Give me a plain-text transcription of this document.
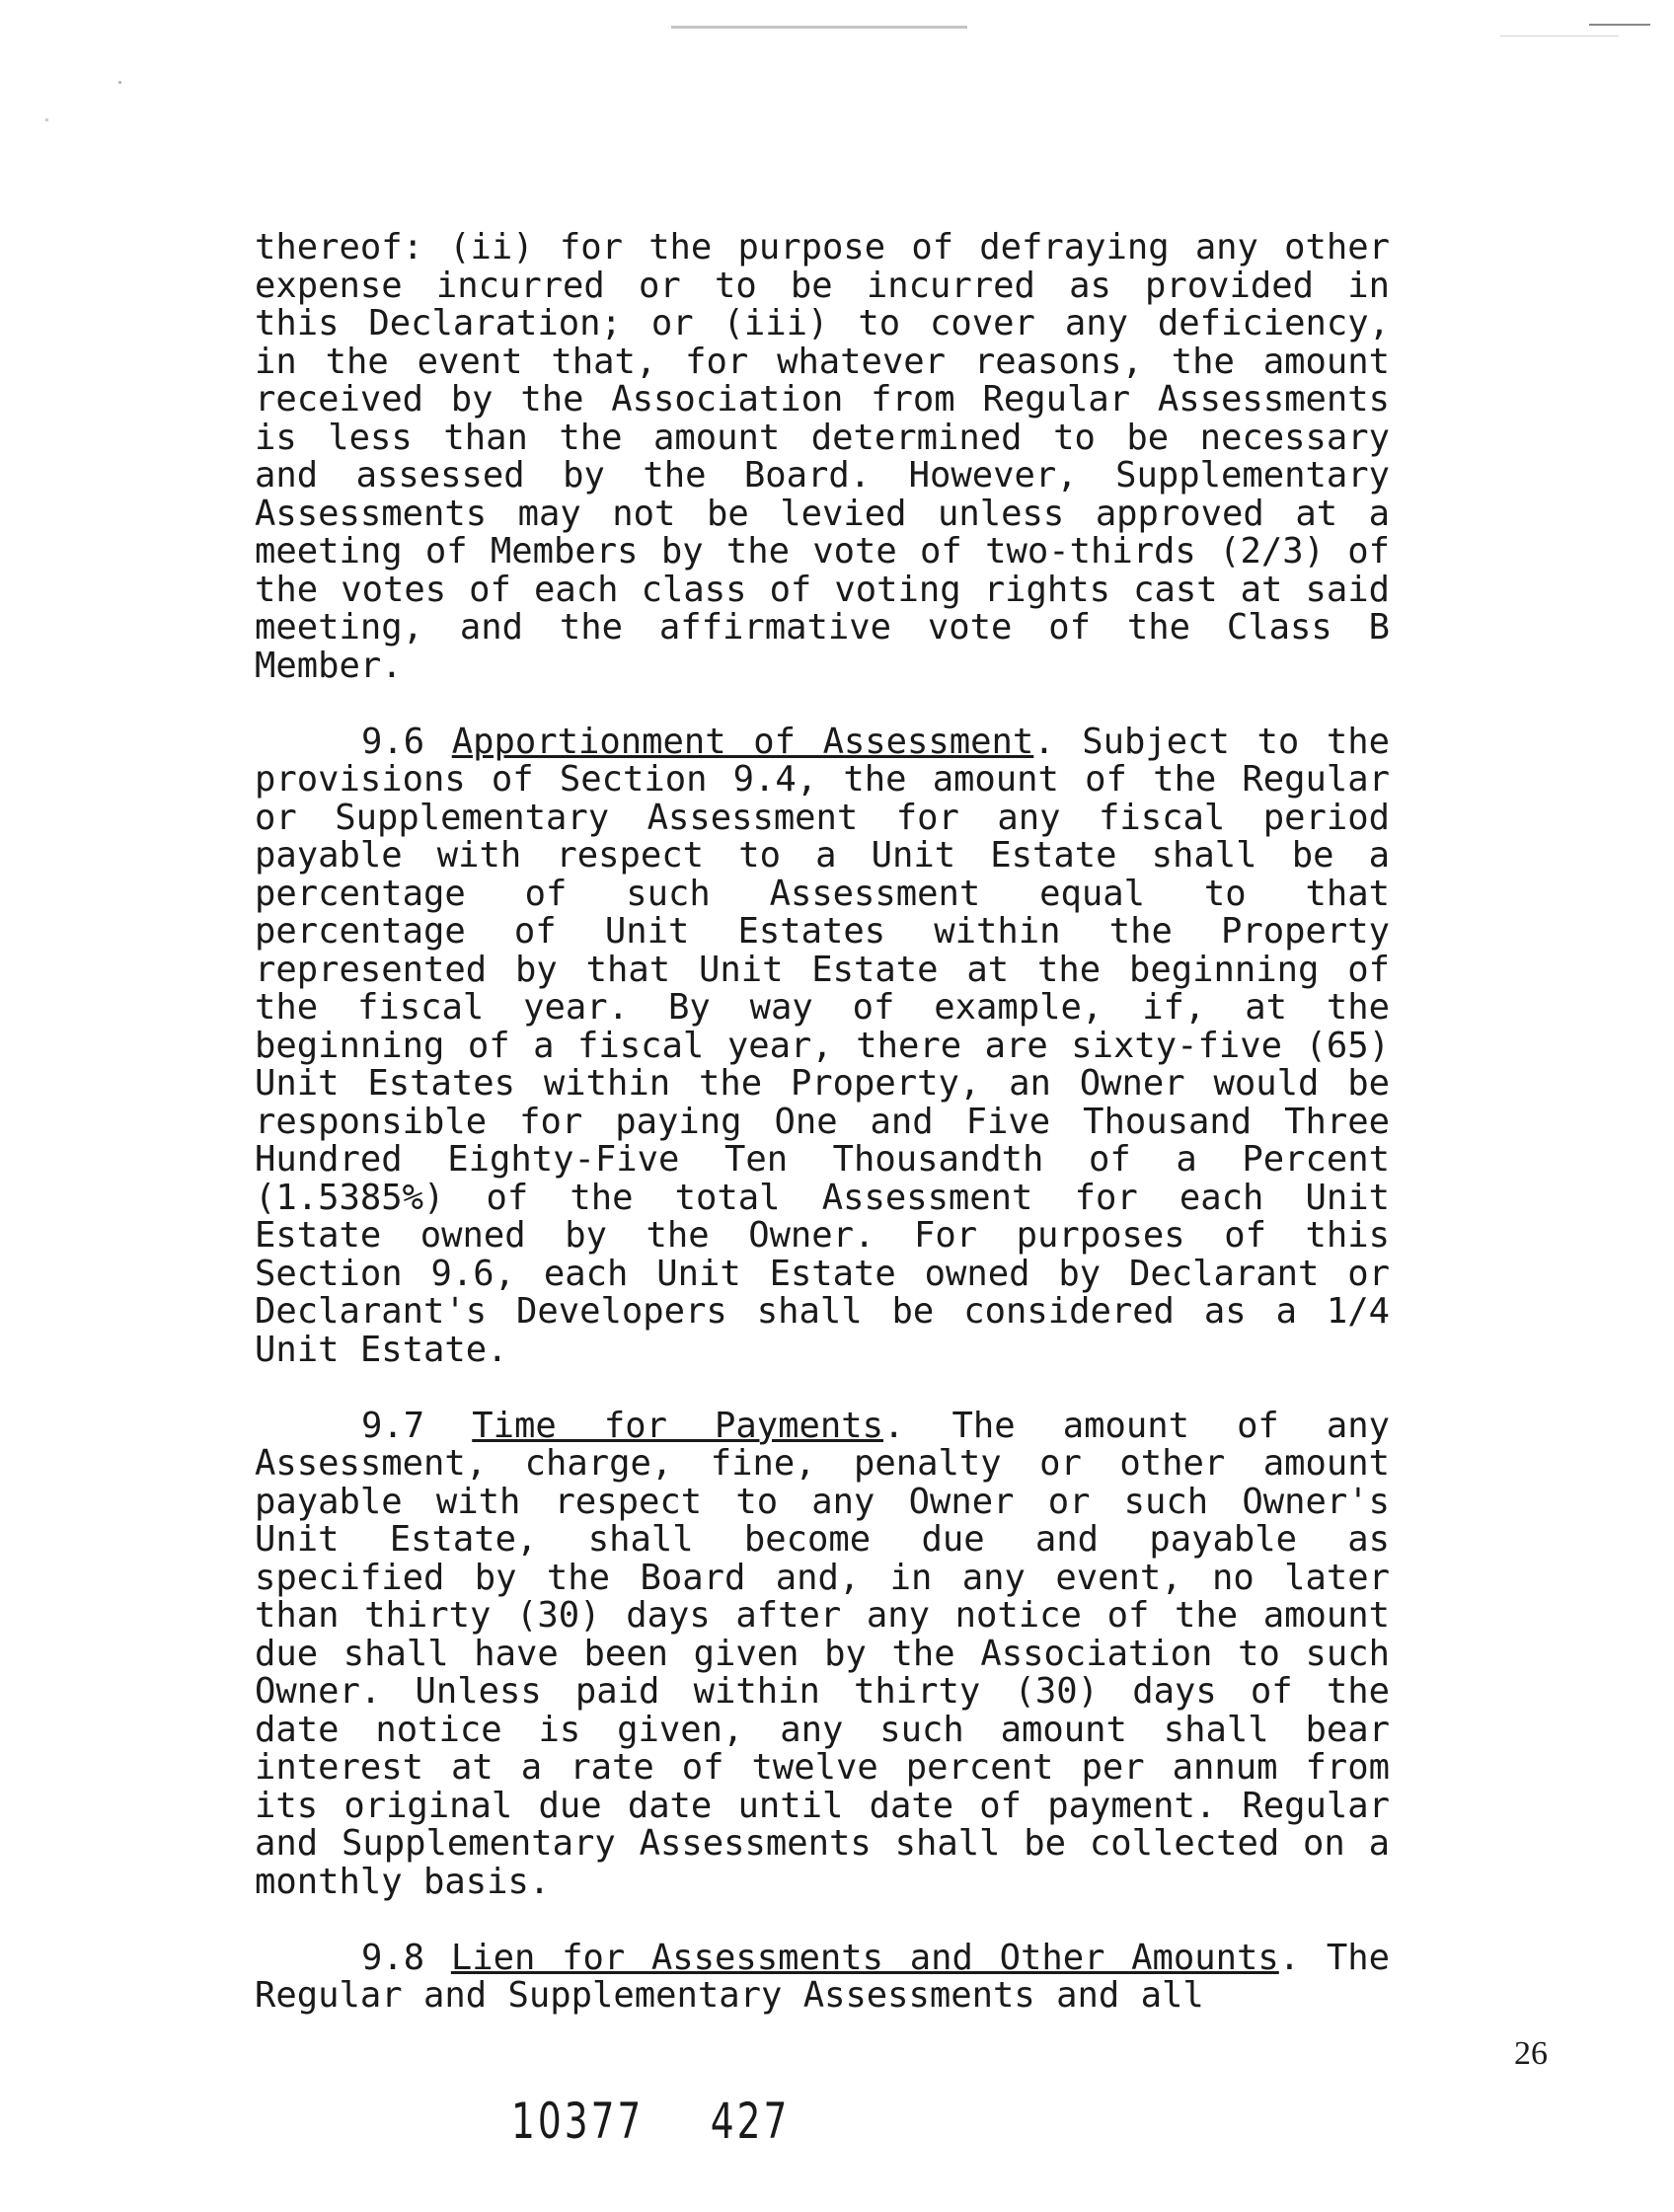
thereof: (ii) for the purpose of defraying any other expense incurred or to be incurred as provided in this Declaration; or (iii) to cover any deficiency, in the event that, for whatever reasons, the amount received by the Association from Regular Assessments is less than the amount determined to be necessary and assessed by the Board. However, Supplementary Assessments may not be levied unless approved at a meeting of Members by the vote of two-thirds (2/3) of the votes of each class of voting rights cast at said meeting, and the affirmative vote of the Class B Member.

9.6 Apportionment of Assessment. Subject to the provisions of Section 9.4, the amount of the Regular or Supplementary Assessment for any fiscal period payable with respect to a Unit Estate shall be a percentage of such Assessment equal to that percentage of Unit Estates within the Property represented by that Unit Estate at the beginning of the fiscal year. By way of example, if, at the beginning of a fiscal year, there are sixty-five (65) Unit Estates within the Property, an Owner would be responsible for paying One and Five Thousand Three Hundred Eighty-Five Ten Thousandth of a Percent (1.5385%) of the total Assessment for each Unit Estate owned by the Owner. For purposes of this Section 9.6, each Unit Estate owned by Declarant or Declarant's Developers shall be considered as a 1/4 Unit Estate.

9.7 Time for Payments. The amount of any Assessment, charge, fine, penalty or other amount payable with respect to any Owner or such Owner's Unit Estate, shall become due and payable as specified by the Board and, in any event, no later than thirty (30) days after any notice of the amount due shall have been given by the Association to such Owner. Unless paid within thirty (30) days of the date notice is given, any such amount shall bear interest at a rate of twelve percent per annum from its original due date until date of payment. Regular and Supplementary Assessments shall be collected on a monthly basis.

9.8 Lien for Assessments and Other Amounts. The Regular and Supplementary Assessments and all

26
10377 427
